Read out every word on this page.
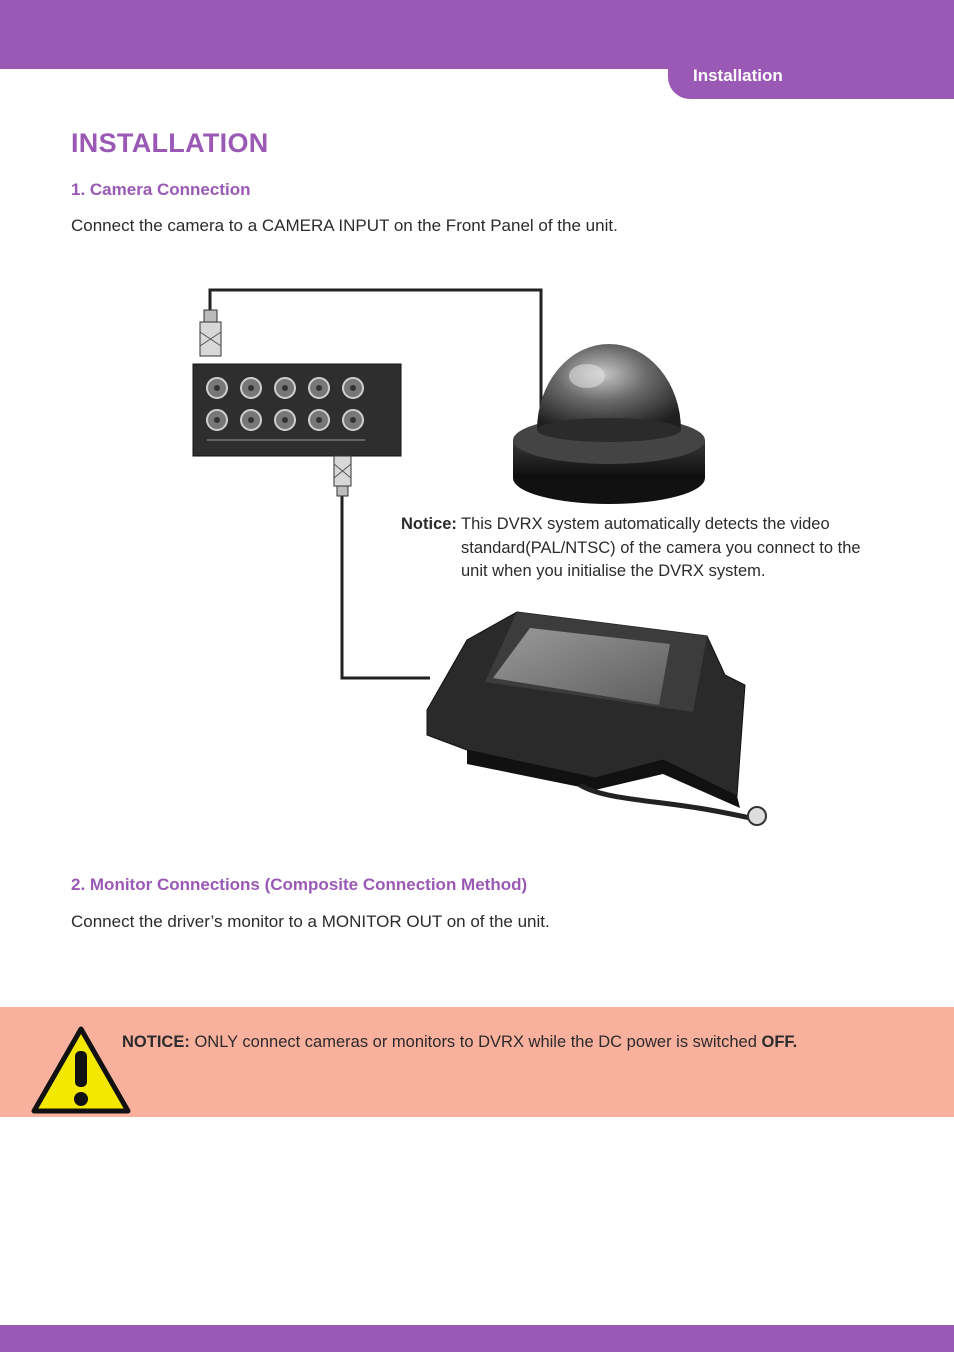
Installation
INSTALLATION
1. Camera Connection

Connect the camera to a CAMERA INPUT on the Front Panel of the unit.

Notice: This DVRX system automatically detects the video standard(PAL/NTSC) of the camera you connect to the unit when you initialise the DVRX system.
2. Monitor Connections (Composite Connection Method)

Connect the driver’s monitor to a MONITOR OUT on of the unit.

NOTICE: ONLY connect cameras or monitors to DVRX while the DC power is switched OFF.
